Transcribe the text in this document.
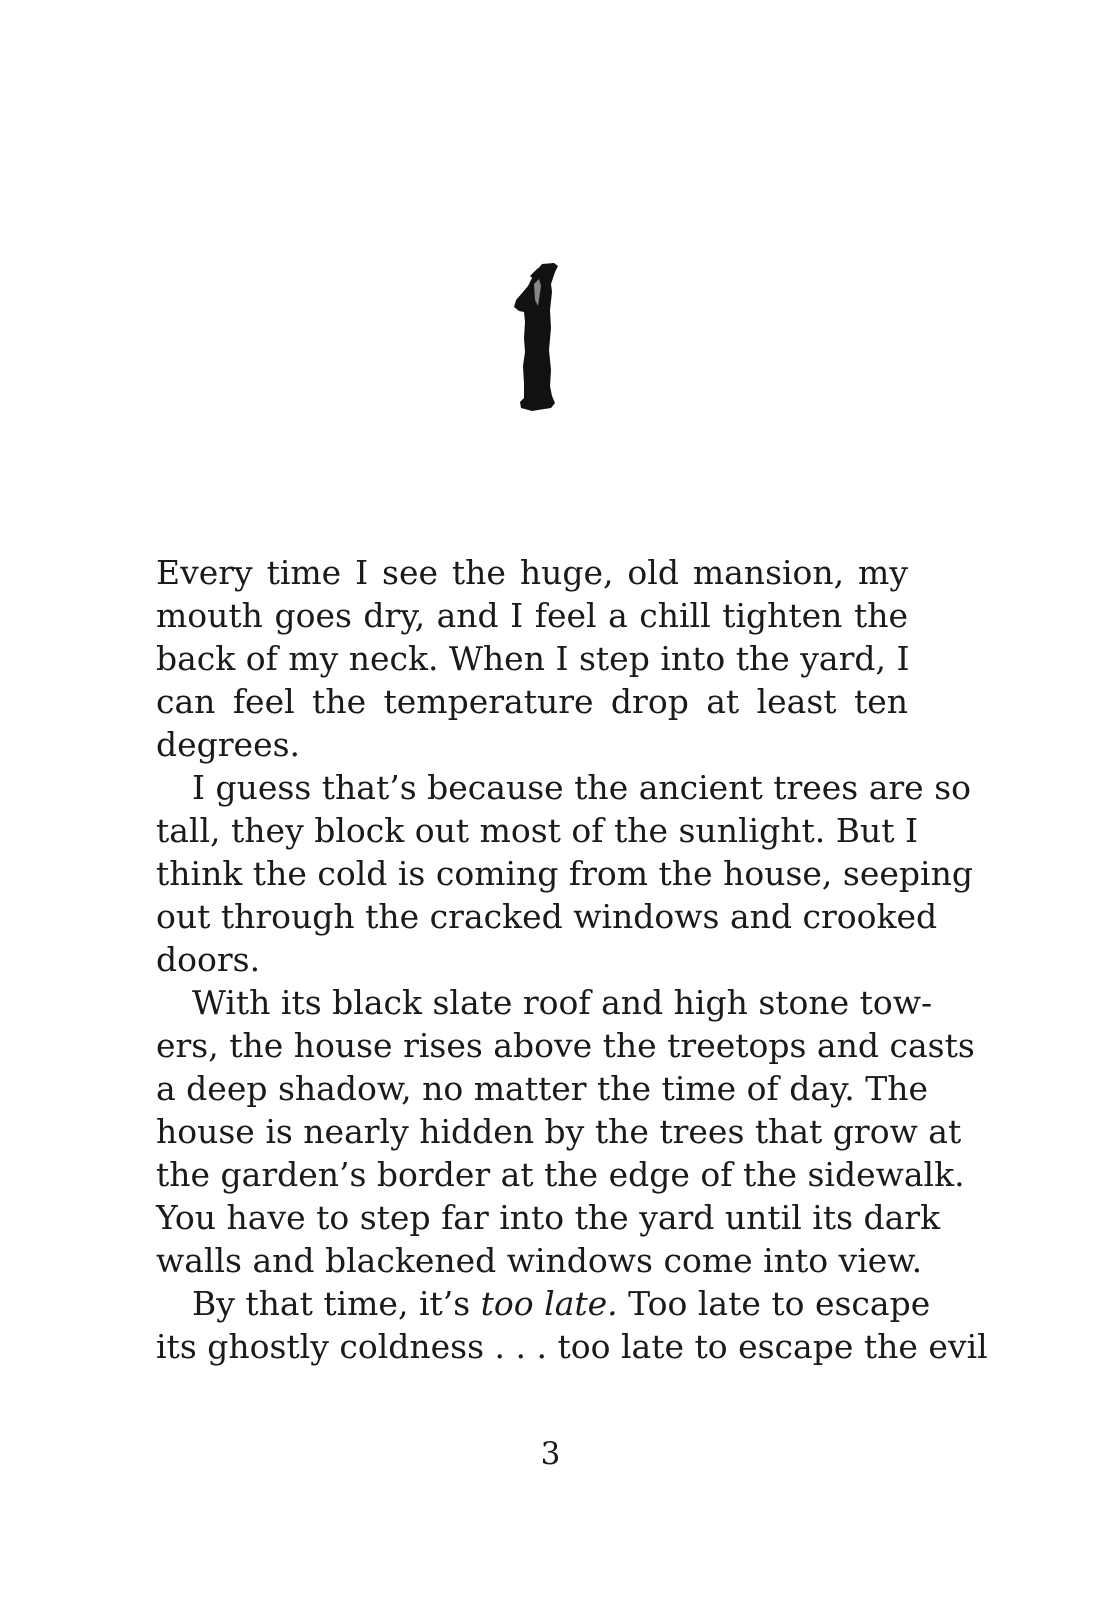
Every time I see the huge, old mansion, my
mouth goes dry, and I feel a chill tighten the
back of my neck. When I step into the yard, I
can feel the temperature drop at least ten
degrees.
I guess that’s because the ancient trees are so
tall, they block out most of the sunlight. But I
think the cold is coming from the house, seeping
out through the cracked windows and crooked
doors.
With its black slate roof and high stone tow-
ers, the house rises above the treetops and casts
a deep shadow, no matter the time of day. The
house is nearly hidden by the trees that grow at
the garden’s border at the edge of the sidewalk.
You have to step far into the yard until its dark
walls and blackened windows come into view.
By that time, it’s too late. Too late to escape
its ghostly coldness . . . too late to escape the evil
3
